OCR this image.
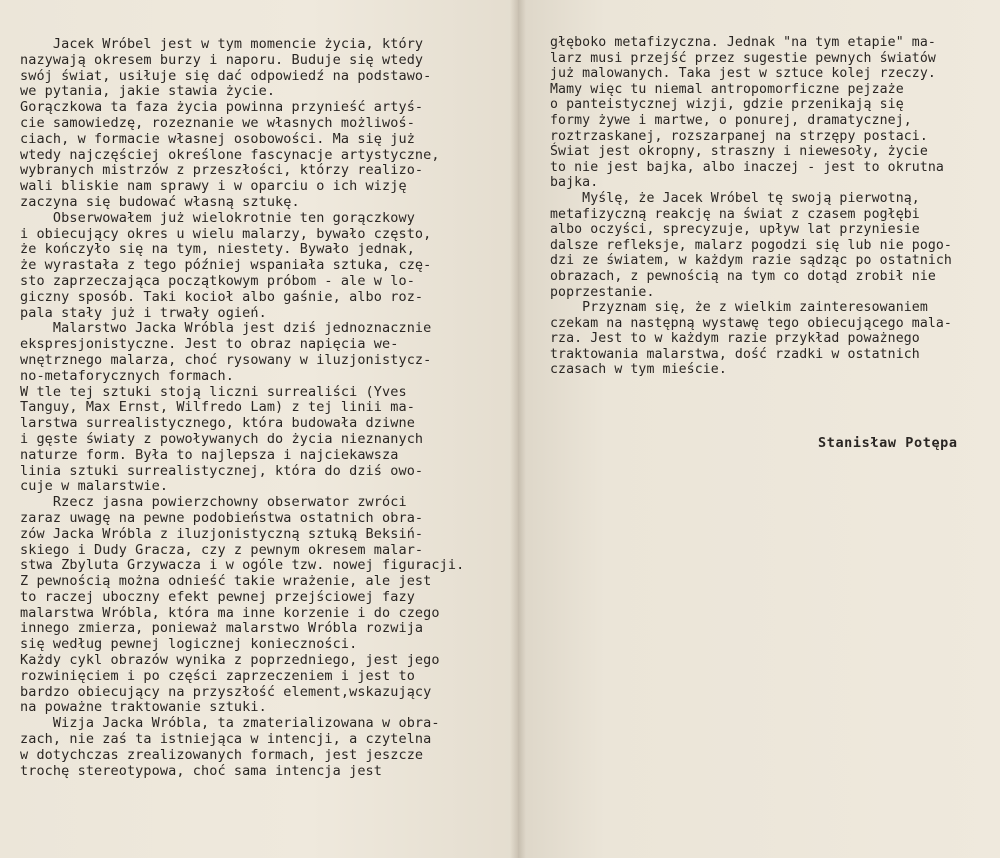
Jacek Wróbel jest w tym momencie życia, który
nazywają okresem burzy i naporu. Buduje się wtedy
swój świat, usiłuje się dać odpowiedź na podstawo-
we pytania, jakie stawia życie.
Gorączkowa ta faza życia powinna przynieść artyś-
cie samowiedzę, rozeznanie we własnych możliwoś-
ciach, w formacie własnej osobowości. Ma się już
wtedy najczęściej określone fascynacje artystyczne,
wybranych mistrzów z przeszłości, którzy realizo-
wali bliskie nam sprawy i w oparciu o ich wizję
zaczyna się budować własną sztukę.
Obserwowałem już wielokrotnie ten gorączkowy
i obiecujący okres u wielu malarzy, bywało często,
że kończyło się na tym, niestety. Bywało jednak,
że wyrastała z tego później wspaniała sztuka, czę-
sto zaprzeczająca początkowym próbom - ale w lo-
giczny sposób. Taki kocioł albo gaśnie, albo roz-
pala stały już i trwały ogień.
Malarstwo Jacka Wróbla jest dziś jednoznacznie
ekspresjonistyczne. Jest to obraz napięcia we-
wnętrznego malarza, choć rysowany w iluzjonistycz-
no-metaforycznych formach.
W tle tej sztuki stoją liczni surrealiści (Yves
Tanguy, Max Ernst, Wilfredo Lam) z tej linii ma-
larstwa surrealistycznego, która budowała dziwne
i gęste światy z powoływanych do życia nieznanych
naturze form. Była to najlepsza i najciekawsza
linia sztuki surrealistycznej, która do dziś owo-
cuje w malarstwie.
Rzecz jasna powierzchowny obserwator zwróci
zaraz uwagę na pewne podobieństwa ostatnich obra-
zów Jacka Wróbla z iluzjonistyczną sztuką Beksiń-
skiego i Dudy Gracza, czy z pewnym okresem malar-
stwa Zbyluta Grzywacza i w ogóle tzw. nowej figuracji.
Z pewnością można odnieść takie wrażenie, ale jest
to raczej uboczny efekt pewnej przejściowej fazy
malarstwa Wróbla, która ma inne korzenie i do czego
innego zmierza, ponieważ malarstwo Wróbla rozwija
się według pewnej logicznej konieczności.
Każdy cykl obrazów wynika z poprzedniego, jest jego
rozwinięciem i po części zaprzeczeniem i jest to
bardzo obiecujący na przyszłość element,wskazujący
na poważne traktowanie sztuki.
Wizja Jacka Wróbla, ta zmaterializowana w obra-
zach, nie zaś ta istniejąca w intencji, a czytelna
w dotychczas zrealizowanych formach, jest jeszcze
trochę stereotypowa, choć sama intencja jest
głęboko metafizyczna. Jednak "na tym etapie" ma-
larz musi przejść przez sugestie pewnych światów
już malowanych. Taka jest w sztuce kolej rzeczy.
Mamy więc tu niemal antropomorficzne pejzaże
o panteistycznej wizji, gdzie przenikają się
formy żywe i martwe, o ponurej, dramatycznej,
roztrzaskanej, rozszarpanej na strzępy postaci.
Świat jest okropny, straszny i niewesoły, życie
to nie jest bajka, albo inaczej - jest to okrutna
bajka.
Myślę, że Jacek Wróbel tę swoją pierwotną,
metafizyczną reakcję na świat z czasem pogłębi
albo oczyści, sprecyzuje, upływ lat przyniesie
dalsze refleksje, malarz pogodzi się lub nie pogo-
dzi ze światem, w każdym razie sądząc po ostatnich
obrazach, z pewnością na tym co dotąd zrobił nie
poprzestanie.
Przyznam się, że z wielkim zainteresowaniem
czekam na następną wystawę tego obiecującego mala-
rza. Jest to w każdym razie przykład poważnego
traktowania malarstwa, dość rzadki w ostatnich
czasach w tym mieście.
Stanisław Potępa
